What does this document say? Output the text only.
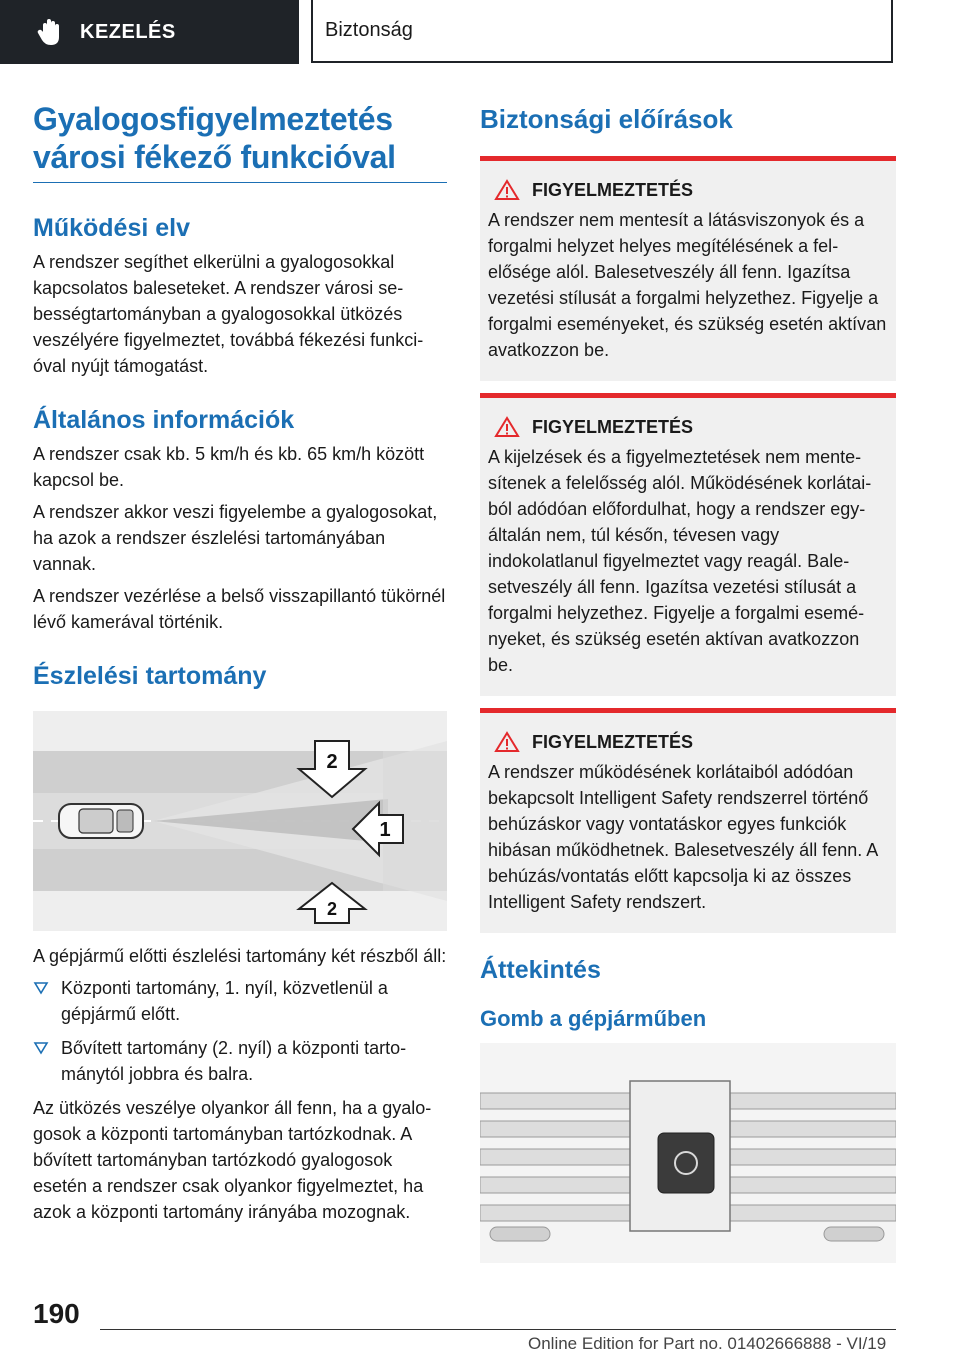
KEZELÉS	Biztonság
Gyalogosfigyelmeztetés
városi fékező funkcióval
Működési elv

A rendszer segíthet elkerülni a gyalogosokkal kapcsolatos baleseteket. A rendszer városi sebességtartományban a gyalogosokkal ütközés veszélyére figyelmeztet, továbbá fékezési funkcióval nyújt támogatást.

Általános információk

A rendszer csak kb. 5 km/h és kb. 65 km/h között kapcsol be.

A rendszer akkor veszi figyelembe a gyalogosokat, ha azok a rendszer észlelési tartományában vannak.

A rendszer vezérlése a belső visszapillantó tükörnél lévő kamerával történik.

Észlelési tartomány
2
1
2

A gépjármű előtti észlelési tartomány két részből áll:

Központi tartomány, 1. nyíl, közvetlenül a gépjármű előtt.
Bővített tartomány (2. nyíl) a központi tartománytól jobbra és balra.

Az ütközés veszélye olyankor áll fenn, ha a gyalogosok a központi tartományban tartózkodnak. A bővített tartományban tartózkodó gyalogosok esetén a rendszer csak olyankor figyelmeztet, ha azok a központi tartomány irányába mozognak.

Biztonsági előírások
FIGYELMEZTETÉS

A rendszer nem mentesít a látásviszonyok és a forgalmi helyzet helyes megítélésének a felelősége alól. Balesetveszély áll fenn. Igazítsa vezetési stílusát a forgalmi helyzethez. Figyelje a forgalmi eseményeket, és szükség esetén aktívan avatkozzon be.

FIGYELMEZTETÉS

A kijelzések és a figyelmeztetések nem mentesítenek a felelősség alól. Működésének korlátaiból adódóan előfordulhat, hogy a rendszer egyáltalán nem, túl későn, tévesen vagy indokolatlanul figyelmeztet vagy reagál. Balesetveszély áll fenn. Igazítsa vezetési stílusát a forgalmi helyzethez. Figyelje a forgalmi eseményeket, és szükség esetén aktívan avatkozzon be.

FIGYELMEZTETÉS

A rendszer működésének korlátaiból adódóan bekapcsolt Intelligent Safety rendszerrel történő behúzáskor vagy vontatáskor egyes funkciók hibásan működhetnek. Balesetveszély áll fenn. A behúzás/vontatás előtt kapcsolja ki az összes Intelligent Safety rendszert.

Áttekintés
Gomb a gépjárműben
190
Online Edition for Part no. 01402666888 - VI/19
